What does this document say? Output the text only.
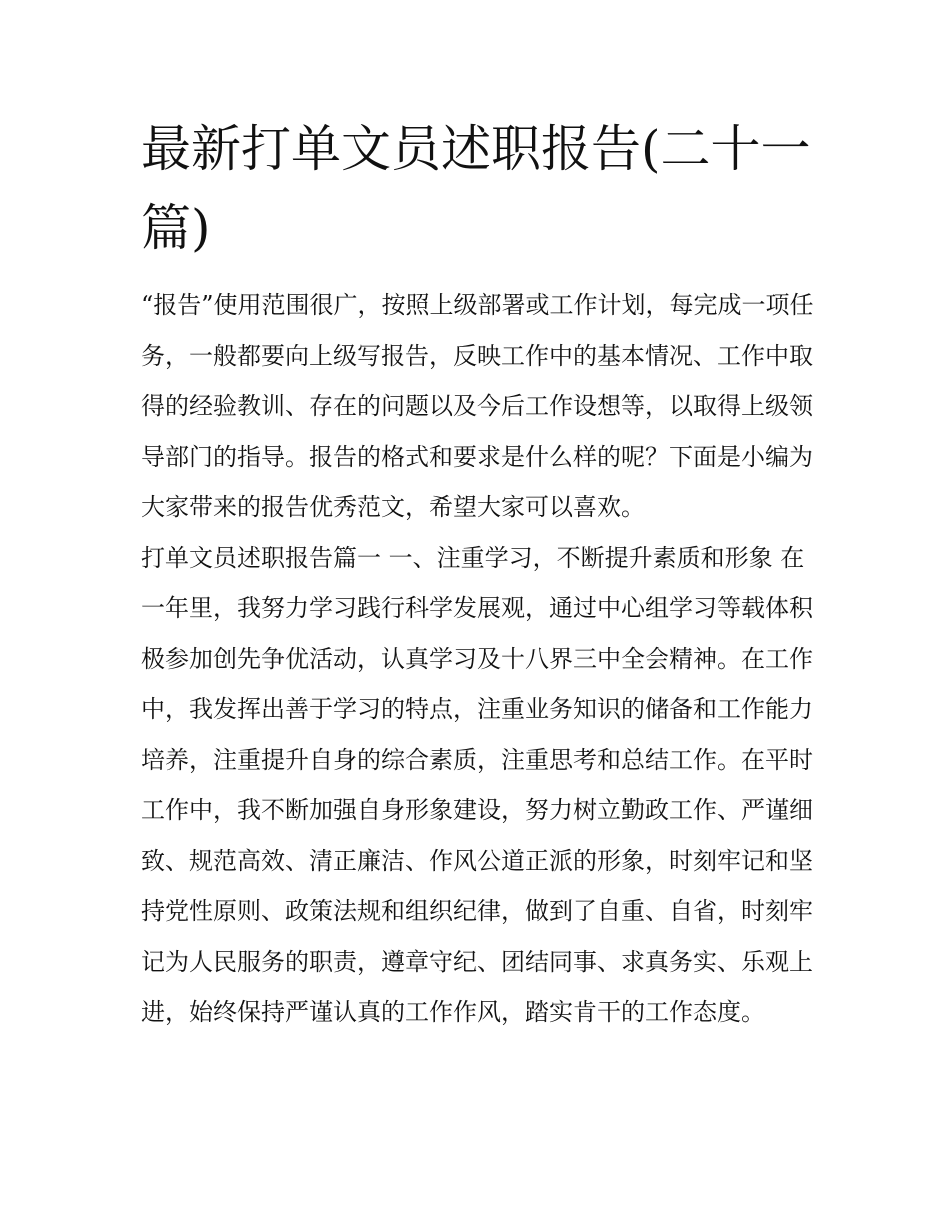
最新打单文员述职报告(二十一篇)

“报告”使用范围很广，按照上级部署或工作计划，每完成一项任务，一般都要向上级写报告，反映工作中的基本情况、工作中取得的经验教训、存在的问题以及今后工作设想等，以取得上级领导部门的指导。报告的格式和要求是什么样的呢？下面是小编为大家带来的报告优秀范文，希望大家可以喜欢。

打单文员述职报告篇一 一、注重学习，不断提升素质和形象 在一年里，我努力学习践行科学发展观，通过中心组学习等载体积极参加创先争优活动，认真学习及十八界三中全会精神。在工作中，我发挥出善于学习的特点，注重业务知识的储备和工作能力培养，注重提升自身的综合素质，注重思考和总结工作。在平时工作中，我不断加强自身形象建设，努力树立勤政工作、严谨细致、规范高效、清正廉洁、作风公道正派的形象，时刻牢记和坚持党性原则、政策法规和组织纪律，做到了自重、自省，时刻牢记为人民服务的职责，遵章守纪、团结同事、求真务实、乐观上进，始终保持严谨认真的工作作风，踏实肯干的工作态度。
